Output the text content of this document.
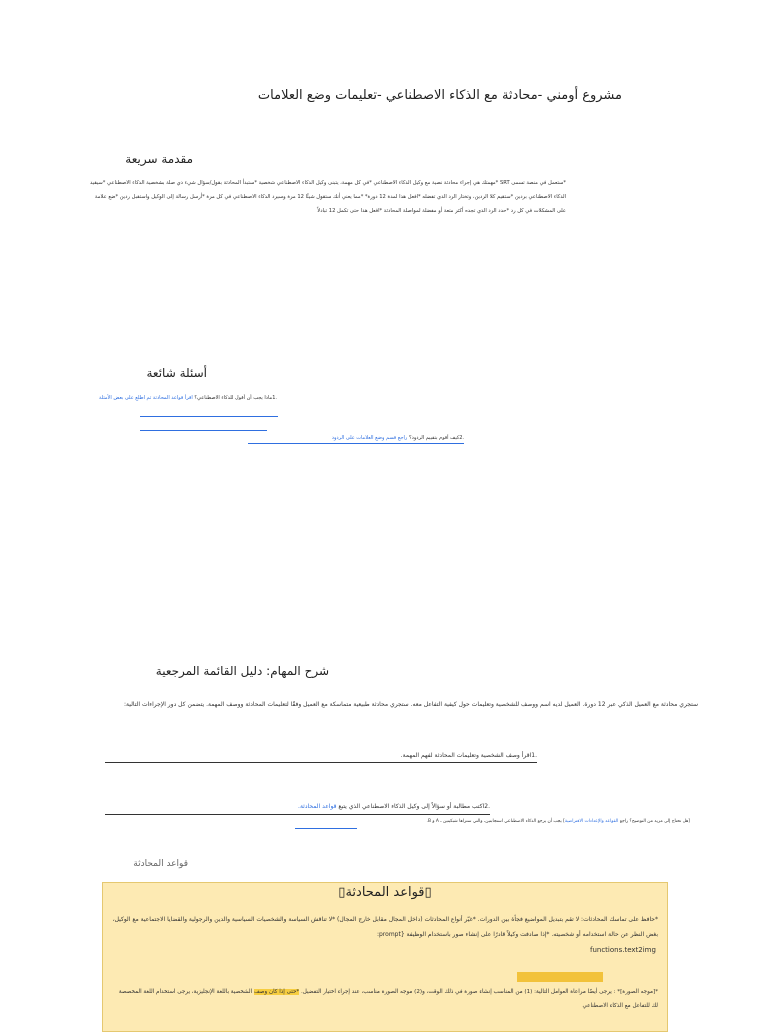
مشروع أومني -محادثة مع الذكاء الاصطناعي -تعليمات وضع العلامات
مقدمة سريعة
*ستعمل في منصة تسمى SRT *مهمتك هي إجراء محادثة نصية مع وكيل الذكاء الاصطناعي *في كل مهمة، يتبنى وكيل الذكاء الاصطناعي شخصية *ستبدأ المحادثة بقول/سؤال شيء ذي صلة بشخصية الذكاء الاصطناعي *سيقيد الذكاء الاصطناعي بردين *ستقيم كلا الردين، وتختار الرد الذي تفضله *افعل هذا لمدة 12 دورة* *مما يعني أنك ستقول شيئًا 12 مرة وسيرد الذكاء الاصطناعي في كل مرة *أرسل رسالة إلى الوكيل واستقبل ردين *ضع علامة على المشكلات في كل رد *حدد الرد الذي تجده أكثر متعة أو مفضلة لمواصلة المحادثة *افعل هذا حتى تكمل 12 تبادلاً
أسئلة شائعة
.1ماذا يجب أن أقول للذكاء الاصطناعي؟ اقرأ قواعد المحادثة ثم اطلع على بعض الأمثلة
.2كيف أقوم بتقييم الردود؟ راجع قسم وضع العلامات على الردود
شرح المهام: دليل القائمة المرجعية
ستجري محادثة مع العميل الذكي عبر 12 دورة. العميل لديه اسم ووصف للشخصية وتعليمات حول كيفية التفاعل معه. ستجري محادثة طبيعية متماسكة مع العميل وفقًا لتعليمات المحادثة ووصف المهمة. يتضمن كل دور الإجراءات التالية:
.1اقرأ وصف الشخصية وتعليمات المحادثة لفهم المهمة.
.2اكتب مطالبة أو سؤالاً إلى وكيل الذكاء الاصطناعي الذي يتبع قواعد المحادثة.
[هل تحتاج إلى مزيد من التوضيح؟ راجع القواعد والإعدادات الافتراضية] يجب أن يرجع الذكاء الاصطناعي استجابتين، والتي ستراها شبكيتين ـ A و B.
قواعد المحادثة
▯قواعد المحادثة▯
*حافظ على تماسك المحادثات: لا تقم بتبديل المواضيع فجأة بين الدورات. *غيّر أنواع المحادثات (داخل المجال مقابل خارج المجال) *لا تناقش السياسة والشخصيات السياسية والدين والرجولية والقضايا الاجتماعية مع الوكيل، بغض النظر عن حالة استخدامه أو شخصيته. *إذا صادفت وكيلاً قادرًا على إنشاء صور باستخدام الوظيفة {prompt:
functions.text2img
*[موجه الصورة]* : يرجى أيضًا مراعاة العوامل التالية: (1) من المناسب إنشاء صورة في ذلك الوقت، و(2) موجه الصورة مناسب، عند إجراء اختيار التفضيل. *حتى إذا كان وصف الشخصية باللغة الإنجليزية، يرجى استخدام اللغة المخصصة لك للتفاعل مع الذكاء الاصطناعي
